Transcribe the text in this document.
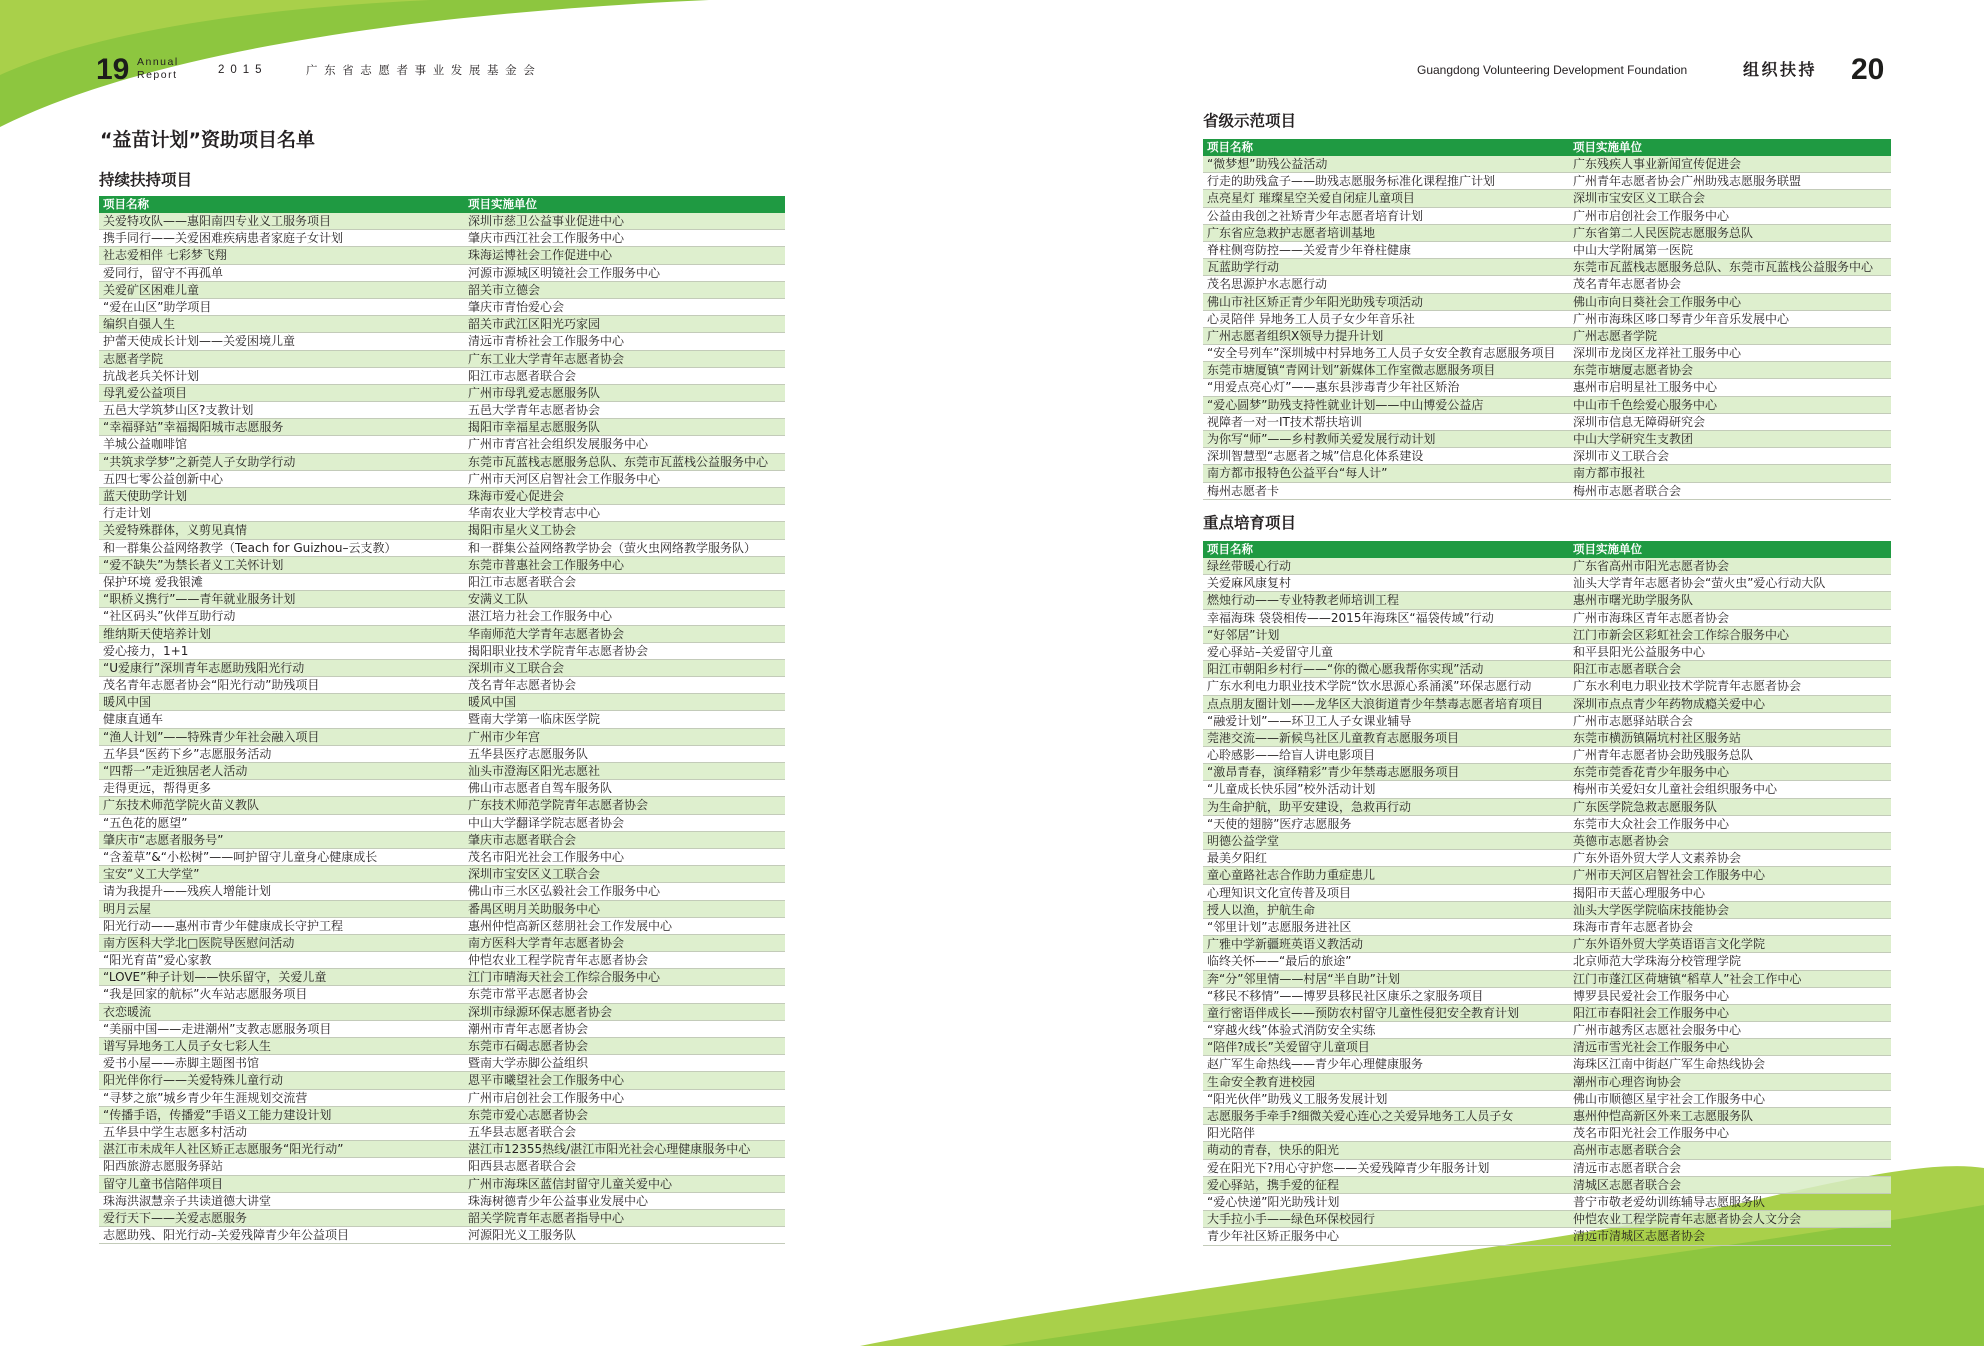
19 Annual
Report	2015	广东省志愿者事业发展基金会	Guangdong Volunteering Development Foundation	组织扶持 20
“益苗计划”资助项目名单
持续扶持项目
项目名称	项目实施单位
关爱特攻队——惠阳南四专业义工服务项目	深圳市慈卫公益事业促进中心
携手同行——关爱困难疾病患者家庭子女计划	肇庆市西江社会工作服务中心
社志爱相伴 七彩梦飞翔	珠海运博社会工作促进中心
爱同行，留守不再孤单	河源市源城区明镜社会工作服务中心
关爱矿区困难儿童	韶关市立德会
“爱在山区”助学项目	肇庆市青怡爱心会
编织自强人生	韶关市武江区阳光巧家园
护蕾天使成长计划——关爱困境儿童	清远市青桥社会工作服务中心
志愿者学院	广东工业大学青年志愿者协会
抗战老兵关怀计划	阳江市志愿者联合会
母乳爱公益项目	广州市母乳爱志愿服务队
五邑大学筑梦山区?支教计划	五邑大学青年志愿者协会
“幸福驿站”幸福揭阳城市志愿服务	揭阳市幸福星志愿服务队
羊城公益咖啡馆	广州市青宫社会组织发展服务中心
“共筑求学梦”之新莞人子女助学行动	东莞市瓦蓝栈志愿服务总队、东莞市瓦蓝栈公益服务中心
五四七零公益创新中心	广州市天河区启智社会工作服务中心
蓝天使助学计划	珠海市爱心促进会
行走计划	华南农业大学校青志中心
关爱特殊群体，义剪见真情	揭阳市星火义工协会
和一群集公益网络教学（Teach for Guizhou–云支教）	和一群集公益网络教学协会（萤火虫网络教学服务队）
“爱不缺失”为禁长者义工关怀计划	东莞市普惠社会工作服务中心
保护环境 爱我银滩	阳江市志愿者联合会
“职桥义携行”——青年就业服务计划	安满义工队
“社区码头”伙伴互助行动	湛江培力社会工作服务中心
维纳斯天使培养计划	华南师范大学青年志愿者协会
爱心接力，1+1	揭阳职业技术学院青年志愿者协会
“U爱康行”深圳青年志愿助残阳光行动	深圳市义工联合会
茂名青年志愿者协会“阳光行动”助残项目	茂名青年志愿者协会
暖风中国	暖风中国
健康直通车	暨南大学第一临床医学院
“渔人计划”——特殊青少年社会融入项目	广州市少年宫
五华县“医药下乡”志愿服务活动	五华县医疗志愿服务队
“四帮一”走近独居老人活动	汕头市澄海区阳光志愿社
走得更远，帮得更多	佛山市志愿者自驾车服务队
广东技术师范学院火苗义教队	广东技术师范学院青年志愿者协会
“五色花的愿望”	中山大学翻译学院志愿者协会
肇庆市“志愿者服务号”	肇庆市志愿者联合会
“含羞草”&“小松树”——呵护留守儿童身心健康成长	茂名市阳光社会工作服务中心
宝安”义工大学堂”	深圳市宝安区义工联合会
请为我提升——残疾人增能计划	佛山市三水区弘毅社会工作服务中心
明月云屋	番禺区明月关助服务中心
阳光行动——惠州市青少年健康成长守护工程	惠州仲恺高新区慈朋社会工作发展中心
南方医科大学北□医院导医慰问活动	南方医科大学青年志愿者协会
“阳光育苗”爱心家教	仲恺农业工程学院青年志愿者协会
“LOVE”种子计划——快乐留守，关爱儿童	江门市晴海天社会工作综合服务中心
“我是回家的航标”火车站志愿服务项目	东莞市常平志愿者协会
衣恋暖流	深圳市绿源环保志愿者协会
“美丽中国——走进潮州”支教志愿服务项目	潮州市青年志愿者协会
谱写异地务工人员子女七彩人生	东莞市石碣志愿者协会
爱书小屋——赤脚主题图书馆	暨南大学赤脚公益组织
阳光伴你行——关爱特殊儿童行动	恩平市曦望社会工作服务中心
“寻梦之旅”城乡青少年生涯规划交流营	广州市启创社会工作服务中心
“传播手语，传播爱”手语义工能力建设计划	东莞市爱心志愿者协会
五华县中学生志愿多村活动	五华县志愿者联合会
湛江市未成年人社区矫正志愿服务“阳光行动”	湛江市12355热线/湛江市阳光社会心理健康服务中心
阳西旅游志愿服务驿站	阳西县志愿者联合会
留守儿童书信陪伴项目	广州市海珠区蓝信封留守儿童关爱中心
珠海洪淑慧亲子共读道德大讲堂	珠海树德青少年公益事业发展中心
爱行天下——关爱志愿服务	韶关学院青年志愿者指导中心
志愿助残、阳光行动–关爱残障青少年公益项目	河源阳光义工服务队
省级示范项目
项目名称	项目实施单位
“微梦想”助残公益活动	广东残疾人事业新闻宣传促进会
行走的助残盒子——助残志愿服务标准化课程推广计划	广州青年志愿者协会广州助残志愿服务联盟
点亮星灯 璀璨星空关爱自闭症儿童项目	深圳市宝安区义工联合会
公益由我创之社矫青少年志愿者培育计划	广州市启创社会工作服务中心
广东省应急救护志愿者培训基地	广东省第二人民医院志愿服务总队
脊柱侧弯防控——关爱青少年脊柱健康	中山大学附属第一医院
瓦蓝助学行动	东莞市瓦蓝栈志愿服务总队、东莞市瓦蓝栈公益服务中心
茂名思源护水志愿行动	茂名青年志愿者协会
佛山市社区矫正青少年阳光助残专项活动	佛山市向日葵社会工作服务中心
心灵陪伴 异地务工人员子女少年音乐社	广州市海珠区哆口琴青少年音乐发展中心
广州志愿者组织X领导力提升计划	广州志愿者学院
“安全号列车”深圳城中村异地务工人员子女安全教育志愿服务项目	深圳市龙岗区龙祥社工服务中心
东莞市塘厦镇“青网计划”新媒体工作室微志愿服务项目	东莞市塘厦志愿者协会
“用爱点亮心灯”——惠东县涉毒青少年社区矫治	惠州市启明星社工服务中心
“爱心圆梦”助残支持性就业计划——中山博爱公益店	中山市千色绘爱心服务中心
视障者一对一IT技术帮扶培训	深圳市信息无障碍研究会
为你写“师”——乡村教师关爱发展行动计划	中山大学研究生支教团
深圳智慧型“志愿者之城”信息化体系建设	深圳市义工联合会
南方都市报特色公益平台“每人计”	南方都市报社
梅州志愿者卡	梅州市志愿者联合会
重点培育项目
项目名称	项目实施单位
绿丝带暖心行动	广东省高州市阳光志愿者协会
关爱麻风康复村	汕头大学青年志愿者协会“萤火虫”爱心行动大队
燃烛行动——专业特教老师培训工程	惠州市曙光助学服务队
幸福海珠 袋袋相传——2015年海珠区“福袋传域”行动	广州市海珠区青年志愿者协会
“好邻居”计划	江门市新会区彩虹社会工作综合服务中心
爱心驿站–关爱留守儿童	和平县阳光公益服务中心
阳江市朝阳乡村行——“你的微心愿我帮你实现”活动	阳江市志愿者联合会
广东水利电力职业技术学院“饮水思源心系涌溪”环保志愿行动	广东水利电力职业技术学院青年志愿者协会
点点朋友圈计划——龙华区大浪街道青少年禁毒志愿者培育项目	深圳市点点青少年药物成瘾关爱中心
“融爱计划”——环卫工人子女课业辅导	广州市志愿驿站联合会
莞港交流——新候鸟社区儿童教育志愿服务项目	东莞市横沥镇隔坑村社区服务站
心聆感影——给盲人讲电影项目	广州青年志愿者协会助残服务总队
“激昂青春，演绎精彩”青少年禁毒志愿服务项目	东莞市莞香花青少年服务中心
“儿童成长快乐园”校外活动计划	梅州市关爱妇女儿童社会组织服务中心
为生命护航，助平安建设，急救再行动	广东医学院急救志愿服务队
“天使的翅膀”医疗志愿服务	东莞市大众社会工作服务中心
明德公益学堂	英德市志愿者协会
最美夕阳红	广东外语外贸大学人文素养协会
童心童路社志合作助力重症患儿	广州市天河区启智社会工作服务中心
心理知识文化宣传普及项目	揭阳市天蓝心理服务中心
授人以渔，护航生命	汕头大学医学院临床技能协会
“邻里计划”志愿服务进社区	珠海市青年志愿者协会
广雅中学新疆班英语义教活动	广东外语外贸大学英语语言文化学院
临终关怀——“最后的旅途”	北京师范大学珠海分校管理学院
奔“分”邻里情——村居“半自助”计划	江门市蓬江区荷塘镇“稻草人”社会工作中心
“移民不移情”——博罗县移民社区康乐之家服务项目	博罗县民爱社会工作服务中心
童行密语伴成长——预防农村留守儿童性侵犯安全教育计划	阳江市春阳社会工作服务中心
“穿越火线”体验式消防安全实练	广州市越秀区志愿社会服务中心
“陪伴?成长”关爱留守儿童项目	清远市雪光社会工作服务中心
赵广军生命热线——青少年心理健康服务	海珠区江南中街赵广军生命热线协会
生命安全教育进校园	潮州市心理咨询协会
“阳光伙伴”助残义工服务发展计划	佛山市顺德区星宇社会工作服务中心
志愿服务手牵手?细微关爱心连心之关爱异地务工人员子女	惠州仲恺高新区外来工志愿服务队
阳光陪伴	茂名市阳光社会工作服务中心
萌动的青春，快乐的阳光	高州市志愿者联合会
爱在阳光下?用心守护您——关爱残障青少年服务计划	清远市志愿者联合会
爱心驿站，携手爱的征程	清城区志愿者联合会
“爱心快递”阳光助残计划	普宁市敬老爱幼训练辅导志愿服务队
大手拉小手——绿色环保校园行	仲恺农业工程学院青年志愿者协会人文分会
青少年社区矫正服务中心	清远市清城区志愿者协会
